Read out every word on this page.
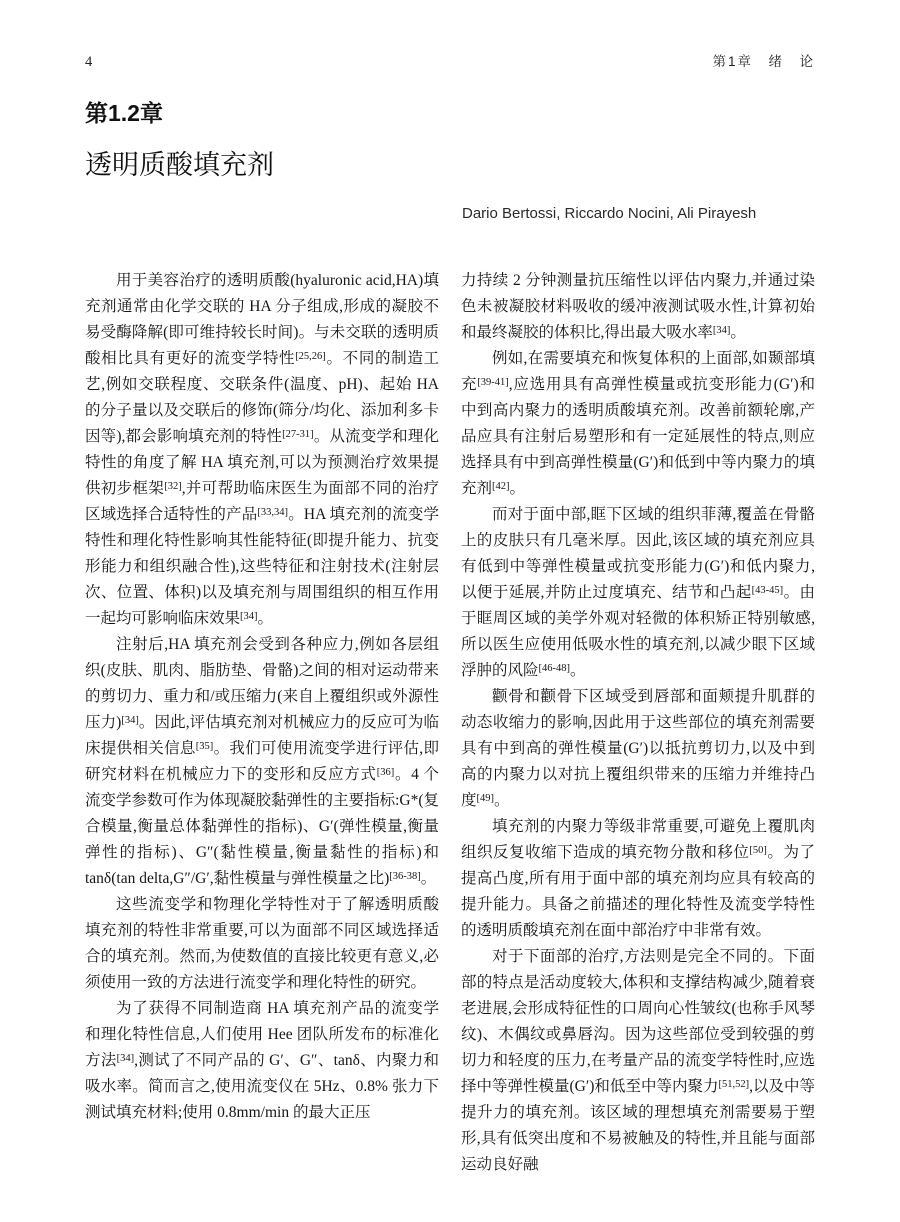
4	第1章　绪　论
第1.2章
透明质酸填充剂
Dario Bertossi, Riccardo Nocini, Ali Pirayesh

用于美容治疗的透明质酸(hyaluronic acid,HA)填充剂通常由化学交联的 HA 分子组成,形成的凝胶不易受酶降解(即可维持较长时间)。与未交联的透明质酸相比具有更好的流变学特性[25,26]。不同的制造工艺,例如交联程度、交联条件(温度、pH)、起始 HA 的分子量以及交联后的修饰(筛分/均化、添加利多卡因等),都会影响填充剂的特性[27-31]。从流变学和理化特性的角度了解 HA 填充剂,可以为预测治疗效果提供初步框架[32],并可帮助临床医生为面部不同的治疗区域选择合适特性的产品[33,34]。HA 填充剂的流变学特性和理化特性影响其性能特征(即提升能力、抗变形能力和组织融合性),这些特征和注射技术(注射层次、位置、体积)以及填充剂与周围组织的相互作用一起均可影响临床效果[34]。

注射后,HA 填充剂会受到各种应力,例如各层组织(皮肤、肌肉、脂肪垫、骨骼)之间的相对运动带来的剪切力、重力和/或压缩力(来自上覆组织或外源性压力)[34]。因此,评估填充剂对机械应力的反应可为临床提供相关信息[35]。我们可使用流变学进行评估,即研究材料在机械应力下的变形和反应方式[36]。4 个流变学参数可作为体现凝胶黏弹性的主要指标:G*(复合模量,衡量总体黏弹性的指标)、G′(弹性模量,衡量弹性的指标)、G″(黏性模量,衡量黏性的指标)和 tanδ(tan delta,G″/G′,黏性模量与弹性模量之比)[36-38]。

这些流变学和物理化学特性对于了解透明质酸填充剂的特性非常重要,可以为面部不同区域选择适合的填充剂。然而,为使数值的直接比较更有意义,必须使用一致的方法进行流变学和理化特性的研究。

为了获得不同制造商 HA 填充剂产品的流变学和理化特性信息,人们使用 Hee 团队所发布的标准化方法[34],测试了不同产品的 G′、G″、tanδ、内聚力和吸水率。简而言之,使用流变仪在 5Hz、0.8% 张力下测试填充材料;使用 0.8mm/min 的最大正压

力持续 2 分钟测量抗压缩性以评估内聚力,并通过染色未被凝胶材料吸收的缓冲液测试吸水性,计算初始和最终凝胶的体积比,得出最大吸水率[34]。

例如,在需要填充和恢复体积的上面部,如颞部填充[39-41],应选用具有高弹性模量或抗变形能力(G′)和中到高内聚力的透明质酸填充剂。改善前额轮廓,产品应具有注射后易塑形和有一定延展性的特点,则应选择具有中到高弹性模量(G′)和低到中等内聚力的填充剂[42]。

而对于面中部,眶下区域的组织菲薄,覆盖在骨骼上的皮肤只有几毫米厚。因此,该区域的填充剂应具有低到中等弹性模量或抗变形能力(G′)和低内聚力,以便于延展,并防止过度填充、结节和凸起[43-45]。由于眶周区域的美学外观对轻微的体积矫正特别敏感,所以医生应使用低吸水性的填充剂,以减少眼下区域浮肿的风险[46-48]。

颧骨和颧骨下区域受到唇部和面颊提升肌群的动态收缩力的影响,因此用于这些部位的填充剂需要具有中到高的弹性模量(G′)以抵抗剪切力,以及中到高的内聚力以对抗上覆组织带来的压缩力并维持凸度[49]。

填充剂的内聚力等级非常重要,可避免上覆肌肉组织反复收缩下造成的填充物分散和移位[50]。为了提高凸度,所有用于面中部的填充剂均应具有较高的提升能力。具备之前描述的理化特性及流变学特性的透明质酸填充剂在面中部治疗中非常有效。

对于下面部的治疗,方法则是完全不同的。下面部的特点是活动度较大,体积和支撑结构减少,随着衰老进展,会形成特征性的口周向心性皱纹(也称手风琴纹)、木偶纹或鼻唇沟。因为这些部位受到较强的剪切力和轻度的压力,在考量产品的流变学特性时,应选择中等弹性模量(G′)和低至中等内聚力[51,52],以及中等提升力的填充剂。该区域的理想填充剂需要易于塑形,具有低突出度和不易被触及的特性,并且能与面部运动良好融
